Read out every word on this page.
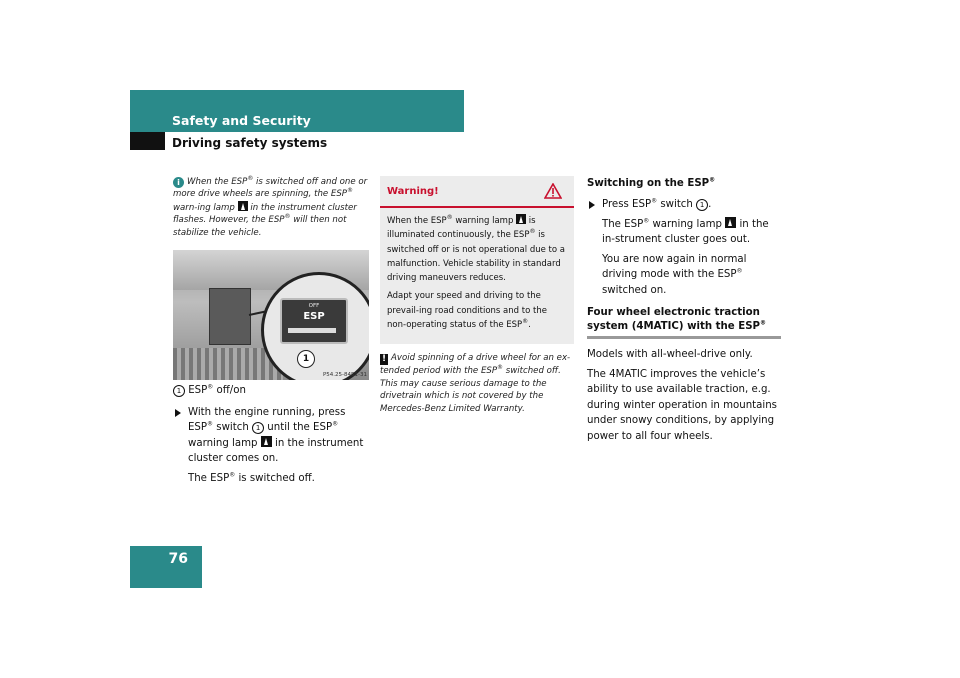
Safety and Security
Driving safety systems
i When the ESP® is switched off and one or more drive wheels are spinning, the ESP® warn-ing lamp  in the instrument cluster flashes. However, the ESP® will then not stabilize the vehicle.
OFF
ESP
1
P54.25-8451-31
1 ESP® off/on
With the engine running, press ESP® switch 1 until the ESP® warning lamp  in the instrument cluster comes on.
The ESP® is switched off.
Warning!

When the ESP® warning lamp  is illuminated continuously, the ESP® is switched off or is not operational due to a malfunction. Vehicle stability in standard driving maneuvers reduces.

Adapt your speed and driving to the prevail-ing road conditions and to the non-operating status of the ESP®.

! Avoid spinning of a drive wheel for an ex-tended period with the ESP® switched off. This may cause serious damage to the drivetrain which is not covered by the Mercedes-Benz Limited Warranty.
Switching on the ESP®
Press ESP® switch 1 .
The ESP® warning lamp  in the in-strument cluster goes out.
You are now again in normal driving mode with the ESP® switched on.
Four wheel electronic traction system (4MATIC) with the ESP®
Models with all-wheel-drive only.
The 4MATIC improves the vehicle’s ability to use available traction, e.g. during winter operation in mountains under snowy conditions, by applying power to all four wheels.
76
